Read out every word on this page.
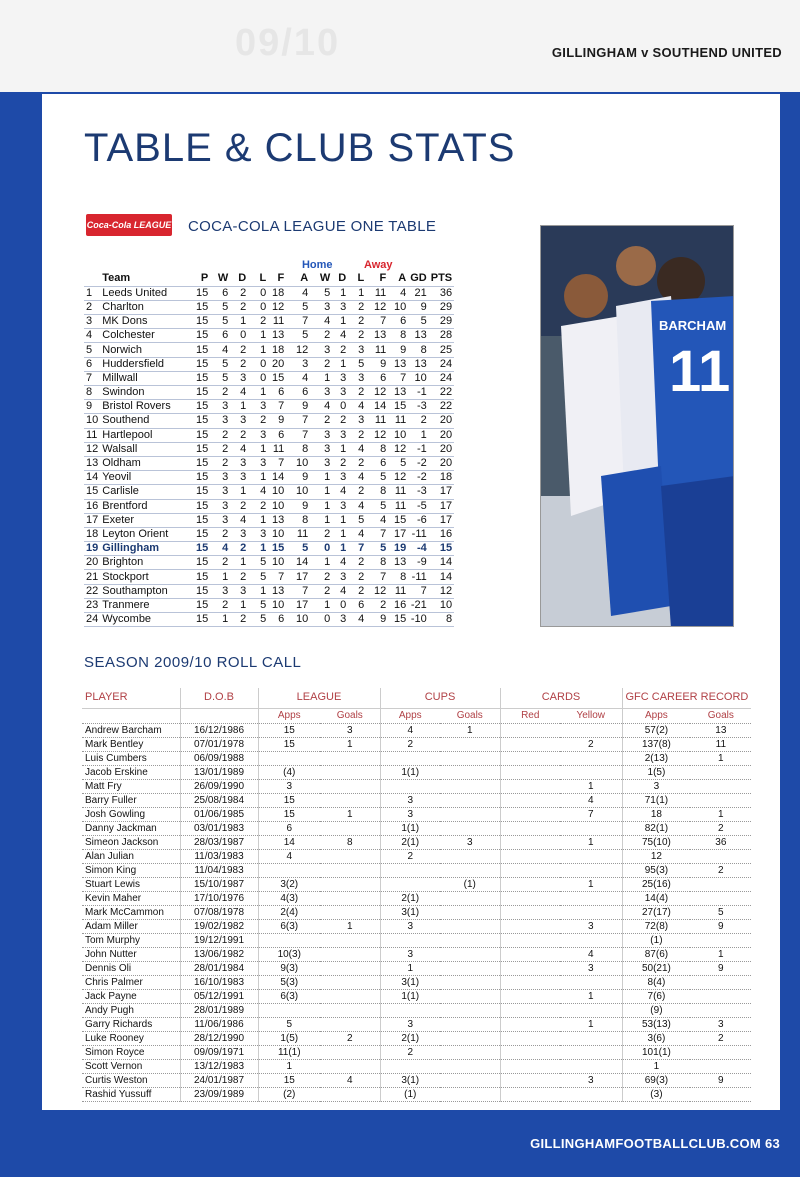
09/10	GILLINGHAM v SOUTHEND UNITED
TABLE & CLUB STATS
Coca-Cola LEAGUE 1
COCA-COLA LEAGUE ONE TABLE
							Home			Away				
	Team	P	W	D	L	F	A	W	D	L	F	A	GD	PTS
1	Leeds United	15	6	2	0	18	4	5	1	1	11	4	21	36
2	Charlton	15	5	2	0	12	5	3	3	2	12	10	9	29
3	MK Dons	15	5	1	2	11	7	4	1	2	7	6	5	29
4	Colchester	15	6	0	1	13	5	2	4	2	13	8	13	28
5	Norwich	15	4	2	1	18	12	3	2	3	11	9	8	25
6	Huddersfield	15	5	2	0	20	3	2	1	5	9	13	13	24
7	Millwall	15	5	3	0	15	4	1	3	3	6	7	10	24
8	Swindon	15	2	4	1	6	6	3	3	2	12	13	-1	22
9	Bristol Rovers	15	3	1	3	7	9	4	0	4	14	15	-3	22
10	Southend	15	3	3	2	9	7	2	2	3	11	11	2	20
11	Hartlepool	15	2	2	3	6	7	3	3	2	12	10	1	20
12	Walsall	15	2	4	1	11	8	3	1	4	8	12	-1	20
13	Oldham	15	2	3	3	7	10	3	2	2	6	5	-2	20
14	Yeovil	15	3	3	1	14	9	1	3	4	5	12	-2	18
15	Carlisle	15	3	1	4	10	10	1	4	2	8	11	-3	17
16	Brentford	15	3	2	2	10	9	1	3	4	5	11	-5	17
17	Exeter	15	3	4	1	13	8	1	1	5	4	15	-6	17
18	Leyton Orient	15	2	3	3	10	11	2	1	4	7	17	-11	16
19	Gillingham	15	4	2	1	15	5	0	1	7	5	19	-4	15
20	Brighton	15	2	1	5	10	14	1	4	2	8	13	-9	14
21	Stockport	15	1	2	5	7	17	2	3	2	7	8	-11	14
22	Southampton	15	3	3	1	13	7	2	4	2	12	11	7	12
23	Tranmere	15	2	1	5	10	17	1	0	6	2	16	-21	10
24	Wycombe	15	1	2	5	6	10	0	3	4	9	15	-10	8
BARCHAM
11
SEASON 2009/10 ROLL CALL
PLAYER	D.O.B	LEAGUE		CUPS		CARDS		GFC CAREER RECORD	
		Apps	Goals	Apps	Goals	Red	Yellow	Apps	Goals
Andrew Barcham	16/12/1986	15	3	4	1			57(2)	13
Mark Bentley	07/01/1978	15	1	2			2	137(8)	11
Luis Cumbers	06/09/1988							2(13)	1
Jacob Erskine	13/01/1989	(4)		1(1)				1(5)	
Matt Fry	26/09/1990	3					1	3	
Barry Fuller	25/08/1984	15		3			4	71(1)	
Josh Gowling	01/06/1985	15	1	3			7	18	1
Danny Jackman	03/01/1983	6		1(1)				82(1)	2
Simeon Jackson	28/03/1987	14	8	2(1)	3		1	75(10)	36
Alan Julian	11/03/1983	4		2				12	
Simon King	11/04/1983							95(3)	2
Stuart Lewis	15/10/1987	3(2)			(1)		1	25(16)	
Kevin Maher	17/10/1976	4(3)		2(1)				14(4)	
Mark McCammon	07/08/1978	2(4)		3(1)				27(17)	5
Adam Miller	19/02/1982	6(3)	1	3			3	72(8)	9
Tom Murphy	19/12/1991							(1)	
John Nutter	13/06/1982	10(3)		3			4	87(6)	1
Dennis Oli	28/01/1984	9(3)		1			3	50(21)	9
Chris Palmer	16/10/1983	5(3)		3(1)				8(4)	
Jack Payne	05/12/1991	6(3)		1(1)			1	7(6)	
Andy Pugh	28/01/1989							(9)	
Garry Richards	11/06/1986	5		3			1	53(13)	3
Luke Rooney	28/12/1990	1(5)	2	2(1)				3(6)	2
Simon Royce	09/09/1971	11(1)		2				101(1)	
Scott Vernon	13/12/1983	1						1	
Curtis Weston	24/01/1987	15	4	3(1)			3	69(3)	9
Rashid Yussuff	23/09/1989	(2)		(1)				(3)	
GILLINGHAMFOOTBALLCLUB.COM 63
